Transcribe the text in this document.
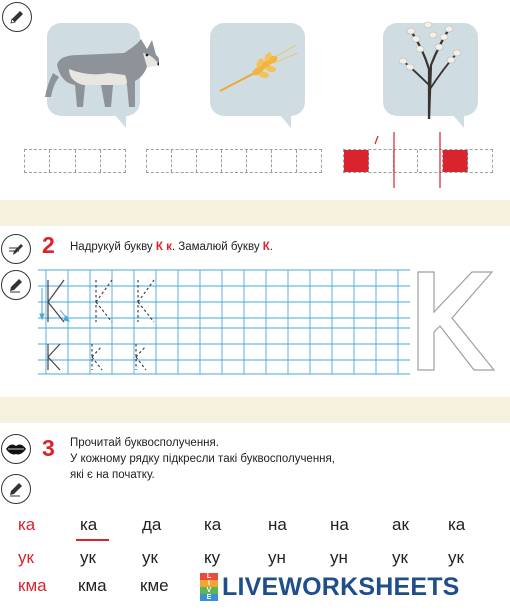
2 Надрукуй букву К к. Замалюй букву К.
3 Прочитай буквосполучення.
У кожному рядку підкресли такі буквосполучення,
які є на початку.
ка	ка	да	ка	на	на	ак ка
ук	ук	ук	ку	ун	ун	ук ук
кма кма кме	L
I
V
E LIVEWORKSHEETS
